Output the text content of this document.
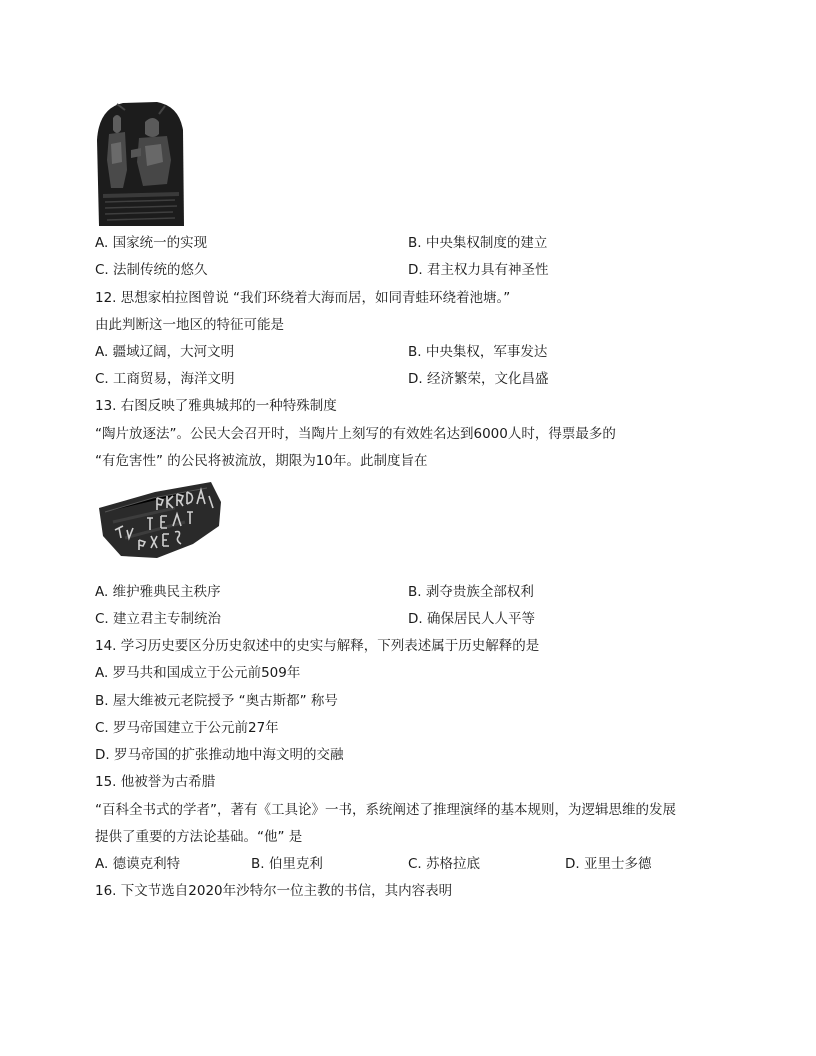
A. 国家统一的实现	B. 中央集权制度的建立
C. 法制传统的悠久	D. 君主权力具有神圣性
12. 思想家柏拉图曾说 “我们环绕着大海而居，如同青蛙环绕着池塘。”
由此判断这一地区的特征可能是
A. 疆域辽阔，大河文明	B. 中央集权，军事发达
C. 工商贸易，海洋文明	D. 经济繁荣，文化昌盛
13. 右图反映了雅典城邦的一种特殊制度
“陶片放逐法”。公民大会召开时，当陶片上刻写的有效姓名达到6000人时，得票最多的
“有危害性” 的公民将被流放，期限为10年。此制度旨在
A. 维护雅典民主秩序	B. 剥夺贵族全部权利
C. 建立君主专制统治	D. 确保居民人人平等
14. 学习历史要区分历史叙述中的史实与解释，下列表述属于历史解释的是
A. 罗马共和国成立于公元前509年
B. 屋大维被元老院授予 “奥古斯都” 称号
C. 罗马帝国建立于公元前27年
D. 罗马帝国的扩张推动地中海文明的交融
15. 他被誉为古希腊
“百科全书式的学者”，著有《工具论》一书，系统阐述了推理演绎的基本规则，为逻辑思维的发展
提供了重要的方法论基础。“他” 是
A. 德谟克利特	B. 伯里克利	C. 苏格拉底	D. 亚里士多德
16. 下文节选自2020年沙特尔一位主教的书信，其内容表明
